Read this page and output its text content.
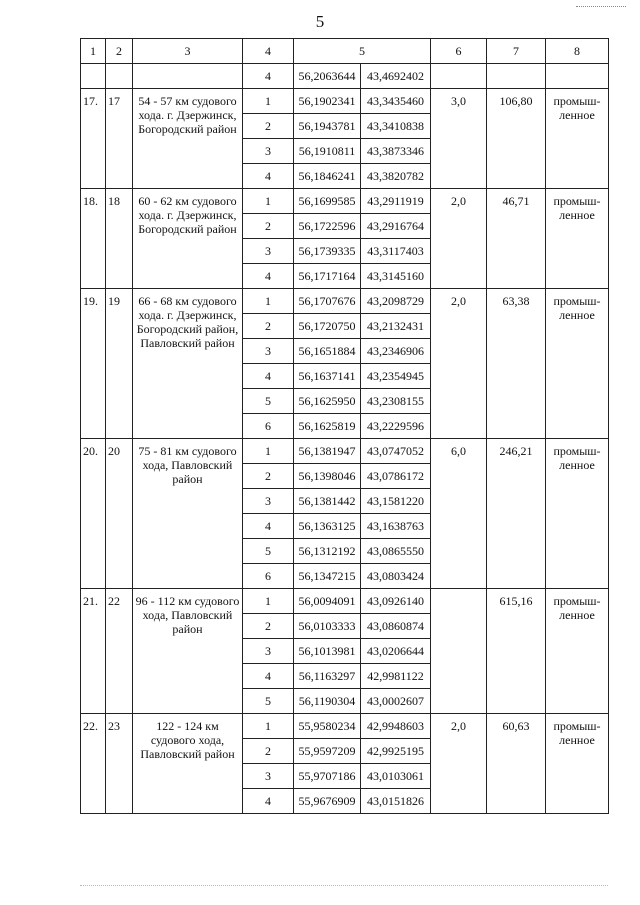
5
1	2	3	4	5		6	7	8
			4	56,2063644	43,4692402			
17.	17	54 - 57 км судового хода. г. Дзержинск, Богородский район	1	56,1902341	43,3435460	3,0	106,80	промыш-
ленное
			2	56,1943781	43,3410838			
			3	56,1910811	43,3873346			
			4	56,1846241	43,3820782			
18.	18	60 - 62 км судового хода. г. Дзержинск, Богородский район	1	56,1699585	43,2911919	2,0	46,71	промыш-
ленное
			2	56,1722596	43,2916764			
			3	56,1739335	43,3117403			
			4	56,1717164	43,3145160			
19.	19	66 - 68 км судового хода. г. Дзержинск, Богородский район, Павловский район	1	56,1707676	43,2098729	2,0	63,38	промыш-
ленное
			2	56,1720750	43,2132431			
			3	56,1651884	43,2346906			
			4	56,1637141	43,2354945			
			5	56,1625950	43,2308155			
			6	56,1625819	43,2229596			
20.	20	75 - 81 км судового хода, Павловский район	1	56,1381947	43,0747052	6,0	246,21	промыш-
ленное
			2	56,1398046	43,0786172			
			3	56,1381442	43,1581220			
			4	56,1363125	43,1638763			
			5	56,1312192	43,0865550			
			6	56,1347215	43,0803424			
21.	22	96 - 112 км судового хода, Павловский район	1	56,0094091	43,0926140		615,16	промыш-
ленное
			2	56,0103333	43,0860874			
			3	56,1013981	43,0206644			
			4	56,1163297	42,9981122			
			5	56,1190304	43,0002607			
22.	23	122 - 124 км судового хода, Павловский район	1	55,9580234	42,9948603	2,0	60,63	промыш-
ленное
			2	55,9597209	42,9925195			
			3	55,9707186	43,0103061			
			4	55,9676909	43,0151826			
